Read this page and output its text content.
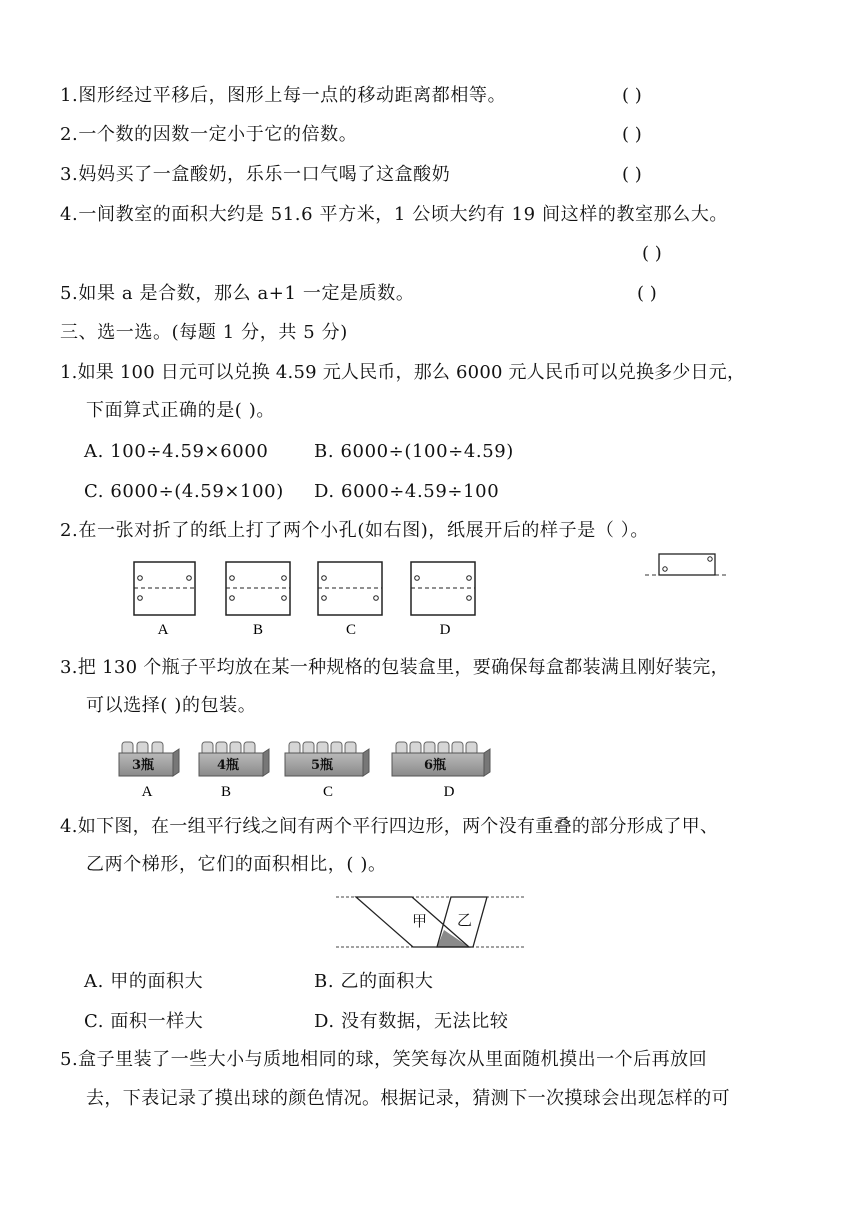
1.图形经过平移后，图形上每一点的移动距离都相等。	( )
2.一个数的因数一定小于它的倍数。	( )
3.妈妈买了一盒酸奶，乐乐一口气喝了这盒酸奶	( )
4.一间教室的面积大约是 51.6 平方米，1 公顷大约有 19 间这样的教室那么大。
( )
5.如果 a 是合数，那么 a+1 一定是质数。	( )
三、选一选。(每题 1 分，共 5 分)
1.如果 100 日元可以兑换 4.59 元人民币，那么 6000 元人民币可以兑换多少日元，
下面算式正确的是( )。
A. 100÷4.59×6000	B. 6000÷(100÷4.59)
C. 6000÷(4.59×100) D. 6000÷4.59÷100
2.在一张对折了的纸上打了两个小孔(如右图)，纸展开后的样子是（ ）。
A	B	C	D
3.把 130 个瓶子平均放在某一种规格的包装盒里，要确保每盒都装满且刚好装完，
可以选择( )的包装。
3瓶	4瓶	5瓶	6瓶
A	B	C	D
4.如下图，在一组平行线之间有两个平行四边形，两个没有重叠的部分形成了甲、
乙两个梯形，它们的面积相比，( )。
甲 乙
A. 甲的面积大	B. 乙的面积大
C. 面积一样大	D. 没有数据，无法比较
5.盒子里装了一些大小与质地相同的球，笑笑每次从里面随机摸出一个后再放回
去，下表记录了摸出球的颜色情况。根据记录，猜测下一次摸球会出现怎样的可
